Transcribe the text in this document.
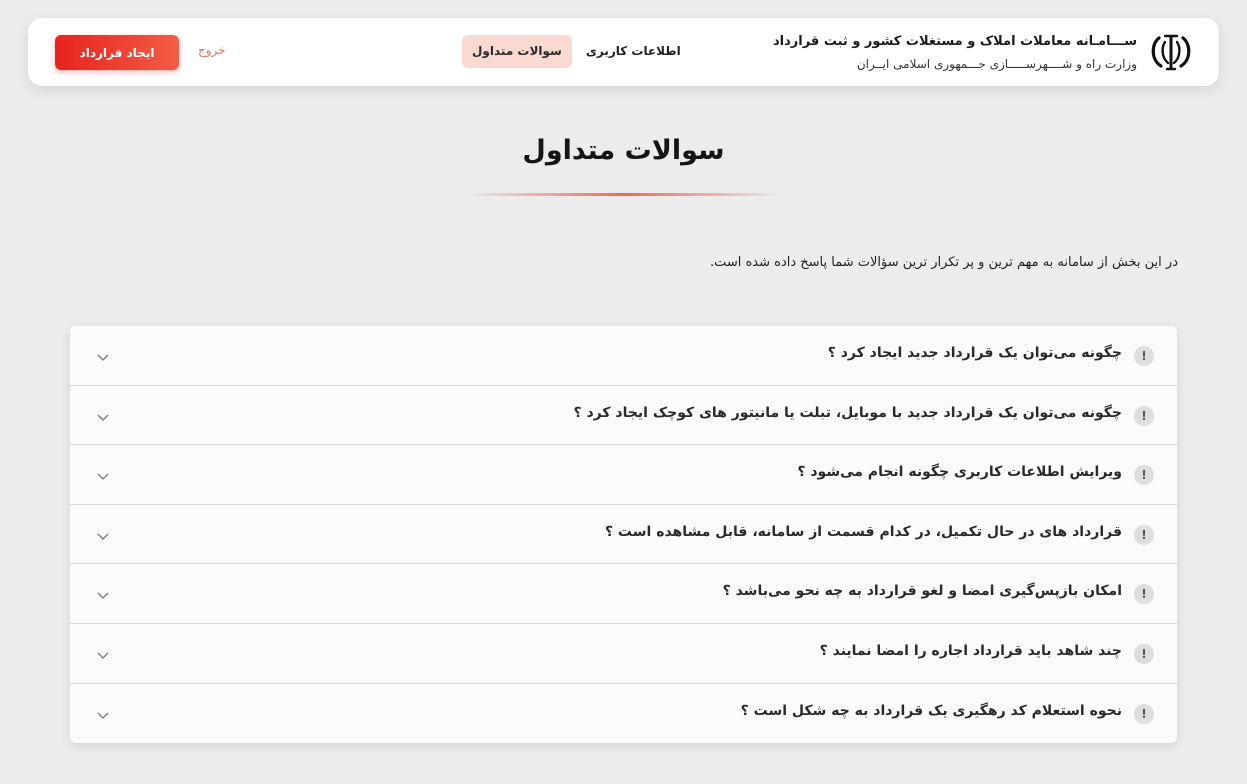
ســـامـانه معاملات املاک و مستغلات کشور و ثبت قرارداد
وزارت راه و شــــهرســـــازی جـــمهوری اسلامی ایــران
سوالات متداول	اطلاعات کاربری
خروج
ایجاد قرارداد
سوالات متداول

در این بخش از سامانه به مهم ترین و پر تکرار ترین سؤالات شما پاسخ داده شده است.

!
چگونه می‌توان یک قرارداد جدید ایجاد کرد ؟
!
چگونه می‌توان یک قرارداد جدید با موبایل، تبلت یا مانیتور های کوچک ایجاد کرد ؟
!
ویرایش اطلاعات کاربری چگونه انجام می‌شود ؟
!
قرارداد های در حال تکمیل، در کدام قسمت از سامانه، قابل مشاهده است ؟
!
امکان بازپس‌گیری امضا و لغو قرارداد به چه نحو می‌باشد ؟
!
چند شاهد باید قرارداد اجاره را امضا نمایند ؟
!
نحوه استعلام کد رهگیری یک قرارداد به چه شکل است ؟
